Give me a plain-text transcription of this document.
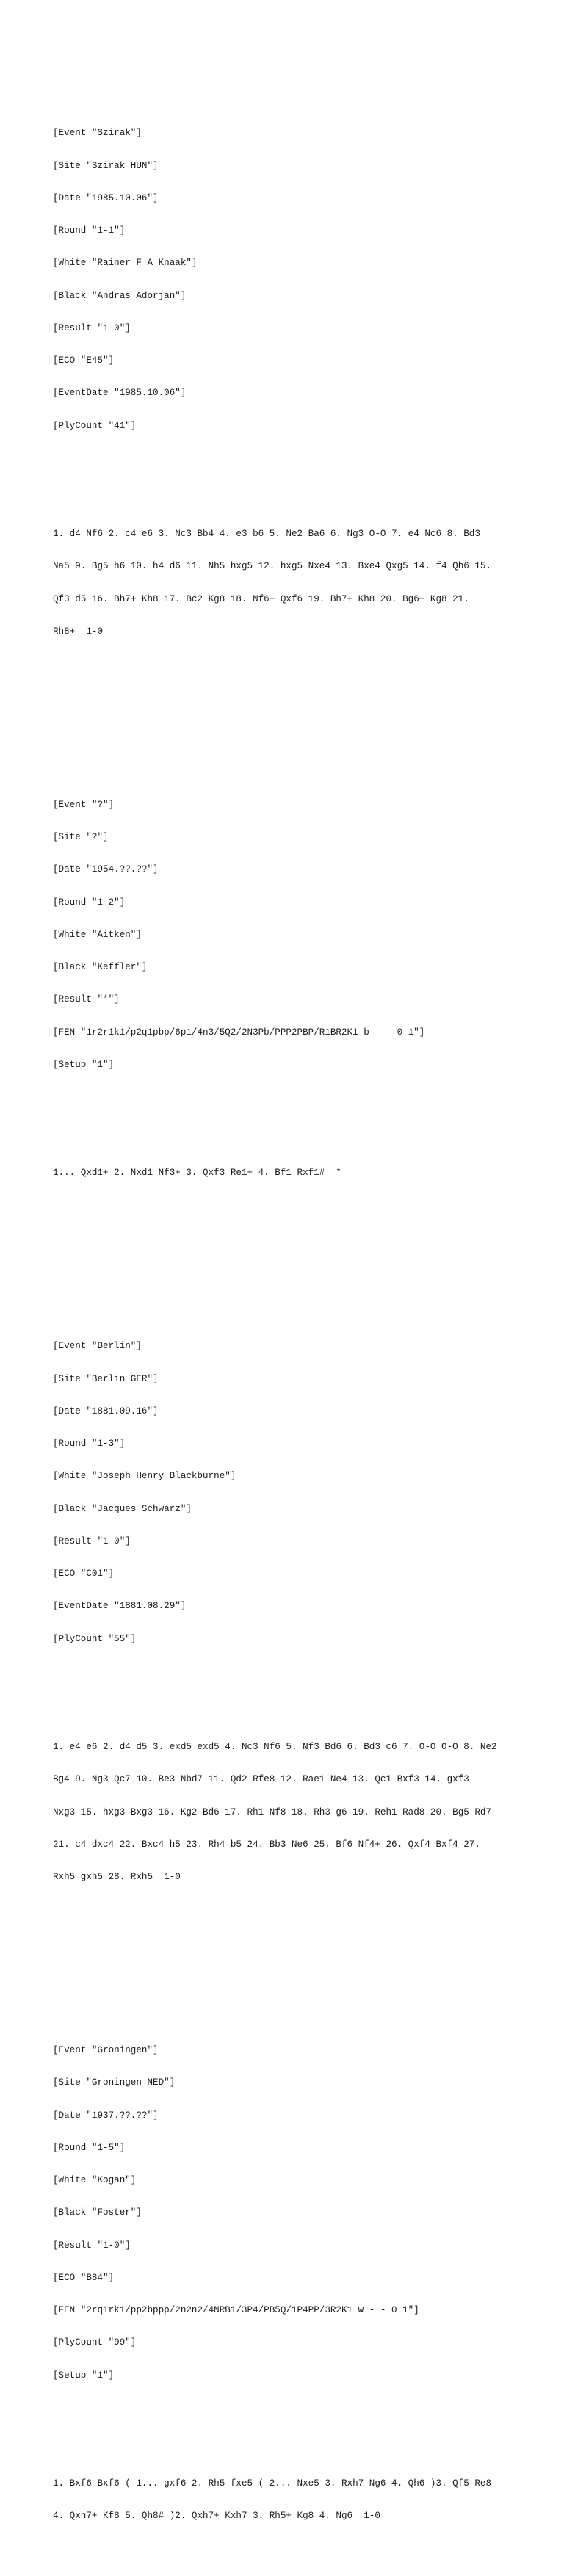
[Event "Szirak"]

[Site "Szirak HUN"]

[Date "1985.10.06"]

[Round "1-1"]

[White "Rainer F A Knaak"]

[Black "Andras Adorjan"]

[Result "1-0"]

[ECO "E45"]

[EventDate "1985.10.06"]

[PlyCount "41"]

1. d4 Nf6 2. c4 e6 3. Nc3 Bb4 4. e3 b6 5. Ne2 Ba6 6. Ng3 O-O 7. e4 Nc6 8. Bd3

Na5 9. Bg5 h6 10. h4 d6 11. Nh5 hxg5 12. hxg5 Nxe4 13. Bxe4 Qxg5 14. f4 Qh6 15.

Qf3 d5 16. Bh7+ Kh8 17. Bc2 Kg8 18. Nf6+ Qxf6 19. Bh7+ Kh8 20. Bg6+ Kg8 21.

Rh8+  1-0

[Event "?"]

[Site "?"]

[Date "1954.??.??"]

[Round "1-2"]

[White "Aitken"]

[Black "Keffler"]

[Result "*"]

[FEN "1r2r1k1/p2q1pbp/6p1/4n3/5Q2/2N3Pb/PPP2PBP/R1BR2K1 b - - 0 1"]

[Setup "1"]

1... Qxd1+ 2. Nxd1 Nf3+ 3. Qxf3 Re1+ 4. Bf1 Rxf1#  *

[Event "Berlin"]

[Site "Berlin GER"]

[Date "1881.09.16"]

[Round "1-3"]

[White "Joseph Henry Blackburne"]

[Black "Jacques Schwarz"]

[Result "1-0"]

[ECO "C01"]

[EventDate "1881.08.29"]

[PlyCount "55"]

1. e4 e6 2. d4 d5 3. exd5 exd5 4. Nc3 Nf6 5. Nf3 Bd6 6. Bd3 c6 7. O-O O-O 8. Ne2

Bg4 9. Ng3 Qc7 10. Be3 Nbd7 11. Qd2 Rfe8 12. Rae1 Ne4 13. Qc1 Bxf3 14. gxf3

Nxg3 15. hxg3 Bxg3 16. Kg2 Bd6 17. Rh1 Nf8 18. Rh3 g6 19. Reh1 Rad8 20. Bg5 Rd7

21. c4 dxc4 22. Bxc4 h5 23. Rh4 b5 24. Bb3 Ne6 25. Bf6 Nf4+ 26. Qxf4 Bxf4 27.

Rxh5 gxh5 28. Rxh5  1-0

[Event "Groningen"]

[Site "Groningen NED"]

[Date "1937.??.??"]

[Round "1-5"]

[White "Kogan"]

[Black "Foster"]

[Result "1-0"]

[ECO "B84"]

[FEN "2rq1rk1/pp2bppp/2n2n2/4NRB1/3P4/PB5Q/1P4PP/3R2K1 w - - 0 1"]

[PlyCount "99"]

[Setup "1"]

1. Bxf6 Bxf6 ( 1... gxf6 2. Rh5 fxe5 ( 2... Nxe5 3. Rxh7 Ng6 4. Qh6 )3. Qf5 Re8

4. Qxh7+ Kf8 5. Qh8# )2. Qxh7+ Kxh7 3. Rh5+ Kg8 4. Ng6  1-0
